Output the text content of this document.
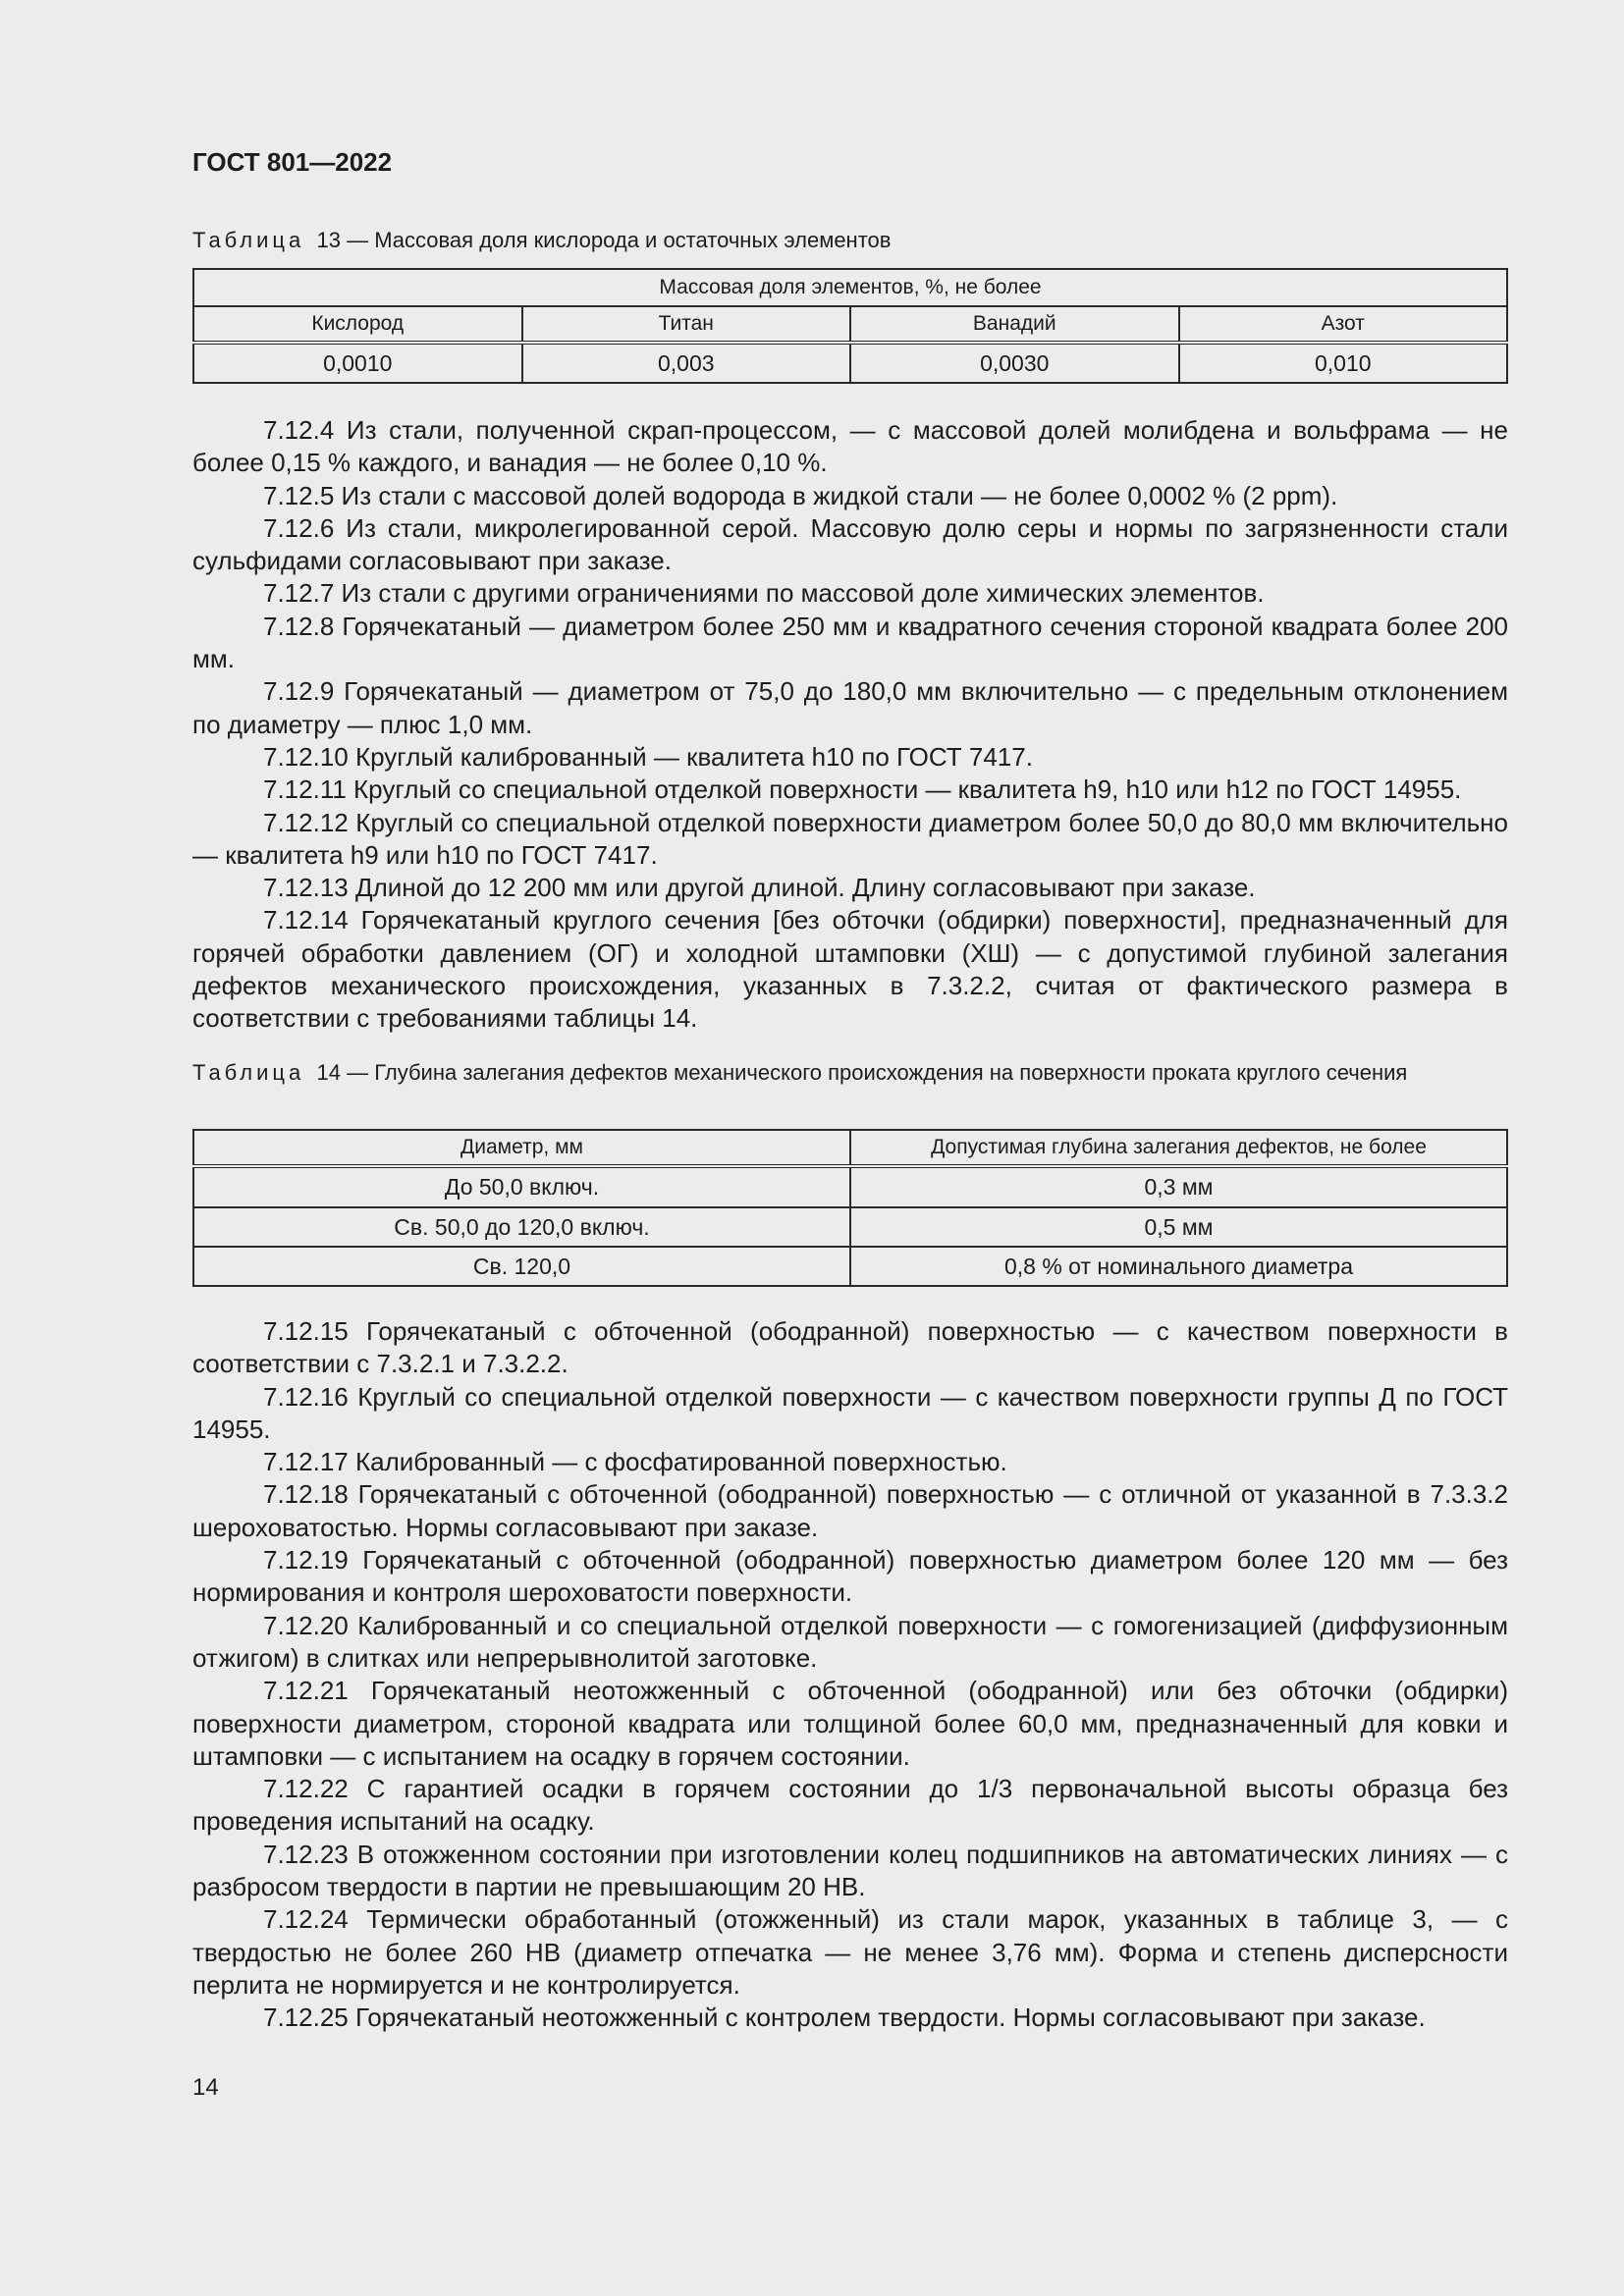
ГОСТ 801—2022
Таблица 13 — Массовая доля кислорода и остаточных элементов
Массовая доля элементов, %, не более			
Кислород	Титан	Ванадий	Азот
0,0010	0,003	0,0030	0,010

7.12.4 Из стали, полученной скрап-процессом, — с массовой долей молибдена и вольфрама — не более 0,15 % каждого, и ванадия — не более 0,10 %.

7.12.5 Из стали с массовой долей водорода в жидкой стали — не более 0,0002 % (2 ppm).

7.12.6 Из стали, микролегированной серой. Массовую долю серы и нормы по загрязненности стали сульфидами согласовывают при заказе.

7.12.7 Из стали с другими ограничениями по массовой доле химических элементов.

7.12.8 Горячекатаный — диаметром более 250 мм и квадратного сечения стороной квадрата более 200 мм.

7.12.9 Горячекатаный — диаметром от 75,0 до 180,0 мм включительно — с предельным отклонением по диаметру — плюс 1,0 мм.

7.12.10 Круглый калиброванный — квалитета h10 по ГОСТ 7417.

7.12.11 Круглый со специальной отделкой поверхности — квалитета h9, h10 или h12 по ГОСТ 14955.

7.12.12 Круглый со специальной отделкой поверхности диаметром более 50,0 до 80,0 мм включительно — квалитета h9 или h10 по ГОСТ 7417.

7.12.13 Длиной до 12 200 мм или другой длиной. Длину согласовывают при заказе.

7.12.14 Горячекатаный круглого сечения [без обточки (обдирки) поверхности], предназначенный для горячей обработки давлением (ОГ) и холодной штамповки (ХШ) — с допустимой глубиной залегания дефектов механического происхождения, указанных в 7.3.2.2, считая от фактического размера в соответствии с требованиями таблицы 14.

Таблица 14 — Глубина залегания дефектов механического происхождения на поверхности проката круглого сечения
Диаметр, мм	Допустимая глубина залегания дефектов, не более
До 50,0 включ.	0,3 мм
Св. 50,0 до 120,0 включ.	0,5 мм
Св. 120,0	0,8 % от номинального диаметра

7.12.15 Горячекатаный с обточенной (ободранной) поверхностью — с качеством поверхности в соответствии с 7.3.2.1 и 7.3.2.2.

7.12.16 Круглый со специальной отделкой поверхности — с качеством поверхности группы Д по ГОСТ 14955.

7.12.17 Калиброванный — с фосфатированной поверхностью.

7.12.18 Горячекатаный с обточенной (ободранной) поверхностью — с отличной от указанной в 7.3.3.2 шероховатостью. Нормы согласовывают при заказе.

7.12.19 Горячекатаный с обточенной (ободранной) поверхностью диаметром более 120 мм — без нормирования и контроля шероховатости поверхности.

7.12.20 Калиброванный и со специальной отделкой поверхности — с гомогенизацией (диффузионным отжигом) в слитках или непрерывнолитой заготовке.

7.12.21 Горячекатаный неотожженный с обточенной (ободранной) или без обточки (обдирки) поверхности диаметром, стороной квадрата или толщиной более 60,0 мм, предназначенный для ковки и штамповки — с испытанием на осадку в горячем состоянии.

7.12.22 С гарантией осадки в горячем состоянии до 1/3 первоначальной высоты образца без проведения испытаний на осадку.

7.12.23 В отожженном состоянии при изготовлении колец подшипников на автоматических линиях — с разбросом твердости в партии не превышающим 20 НВ.

7.12.24 Термически обработанный (отожженный) из стали марок, указанных в таблице 3, — с твердостью не более 260 НВ (диаметр отпечатка — не менее 3,76 мм). Форма и степень дисперсности перлита не нормируется и не контролируется.

7.12.25 Горячекатаный неотожженный с контролем твердости. Нормы согласовывают при заказе.

14
